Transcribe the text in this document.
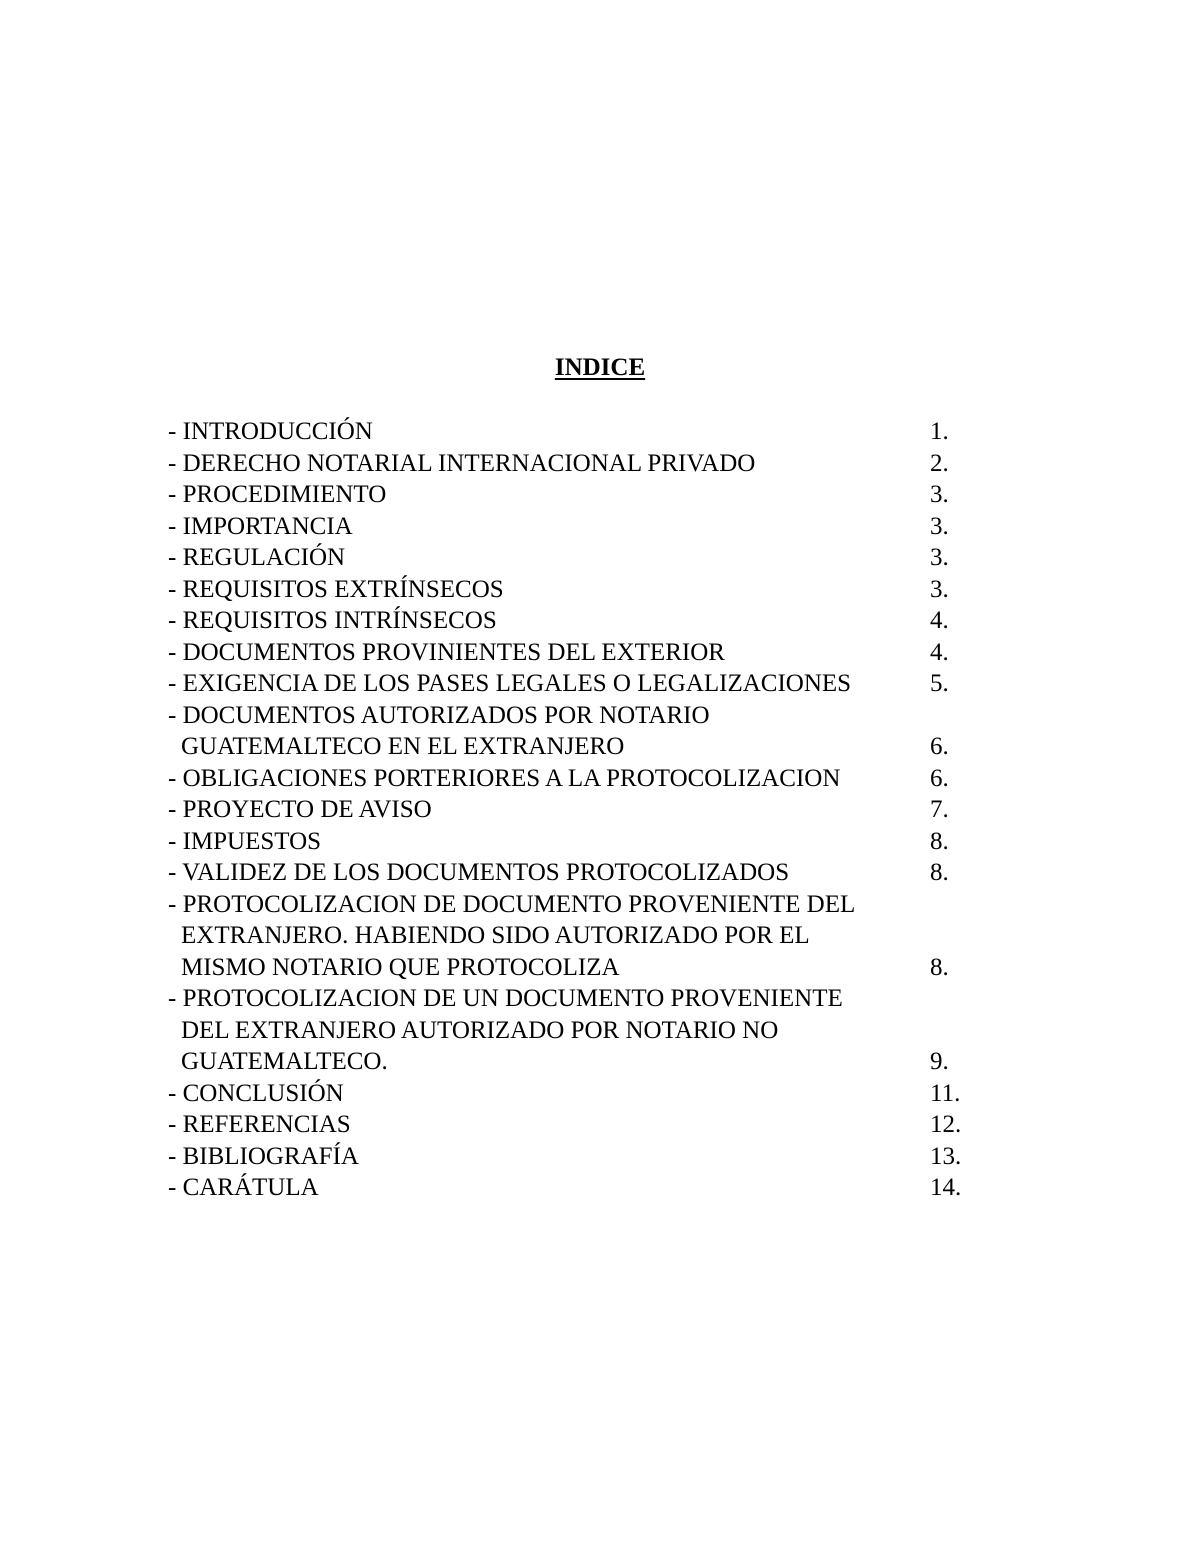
INDICE
- INTRODUCCIÓN	1.
- DERECHO NOTARIAL INTERNACIONAL PRIVADO	2.
- PROCEDIMIENTO	3.
- IMPORTANCIA	3.
- REGULACIÓN	3.
- REQUISITOS EXTRÍNSECOS	3.
- REQUISITOS INTRÍNSECOS	4.
- DOCUMENTOS PROVINIENTES DEL EXTERIOR	4.
- EXIGENCIA DE LOS PASES LEGALES O LEGALIZACIONES	5.
- DOCUMENTOS AUTORIZADOS POR NOTARIO
GUATEMALTECO EN EL EXTRANJERO	6.
- OBLIGACIONES PORTERIORES A LA PROTOCOLIZACION	6.
- PROYECTO DE AVISO	7.
- IMPUESTOS	8.
- VALIDEZ DE LOS DOCUMENTOS PROTOCOLIZADOS	8.
- PROTOCOLIZACION DE DOCUMENTO PROVENIENTE DEL
EXTRANJERO. HABIENDO SIDO AUTORIZADO POR EL
MISMO NOTARIO QUE PROTOCOLIZA	8.
- PROTOCOLIZACION DE UN DOCUMENTO PROVENIENTE
DEL EXTRANJERO AUTORIZADO POR NOTARIO NO
GUATEMALTECO.	9.
- CONCLUSIÓN	11.
- REFERENCIAS	12.
- BIBLIOGRAFÍA	13.
- CARÁTULA	14.
